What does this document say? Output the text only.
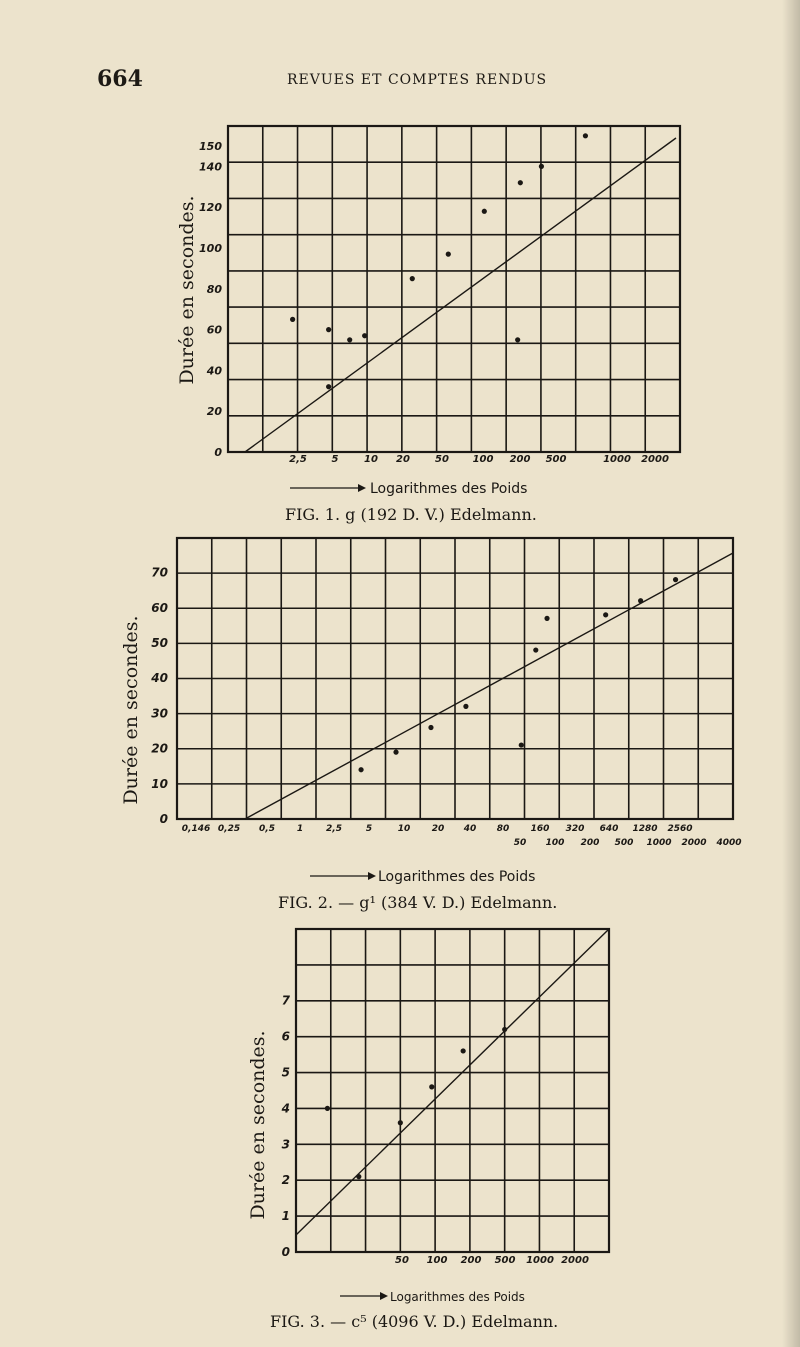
664	REVUES ET COMPTES RENDUS
0
20
40
60
80
100
120
140
150
2,5 5	10 20	50 100 200 500	1000 2000
Durée en secondes.
Logarithmes des Poids
FIG. 1. g (192 D. V.) Edelmann.
0
10
20
30
40
50
60
70
0,146 0,25 0,5 1	2,5	5	10 20 40 80 160 320 640 1280 2560
50 100 200 500 1000 2000 4000
Durée en secondes.
Logarithmes des Poids
FIG. 2. — g¹ (384 V. D.) Edelmann.
0
1
2
3
4
5
6
7
50 100 200 500 1000 2000
Durée en secondes.
Logarithmes des Poids
FIG. 3. — c⁵ (4096 V. D.) Edelmann.
